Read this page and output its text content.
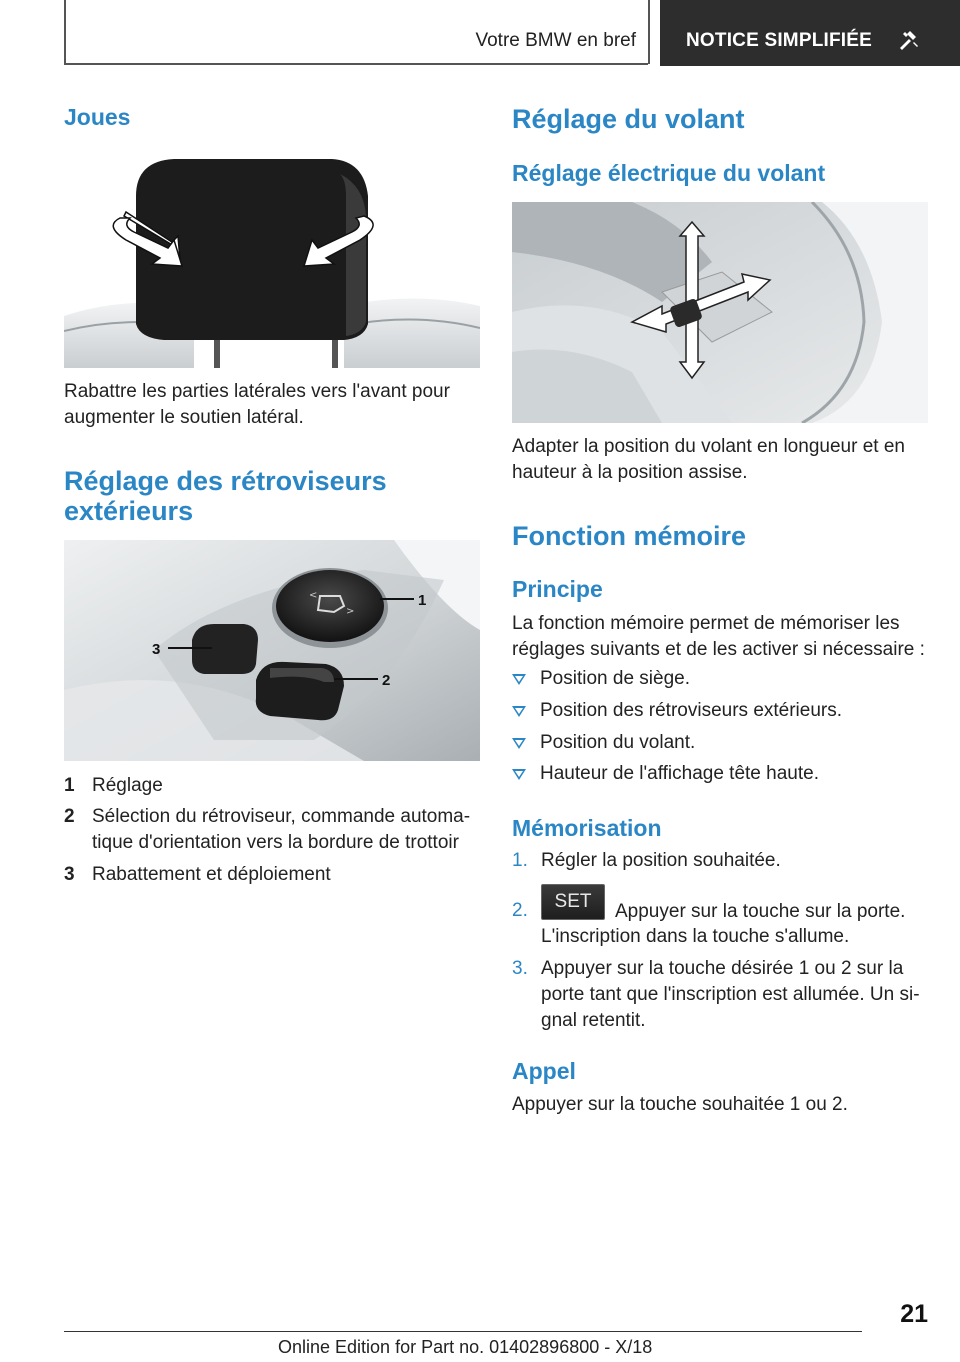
Votre BMW en bref	NOTICE SIMPLIFIÉE
Joues

Rabattre les parties latérales vers l'avant pour augmenter le soutien latéral.

Réglage des rétroviseurs
extérieurs
<
>
3
2
1
1 Réglage
2 Sélection du rétroviseur, commande automa-tique d'orientation vers la bordure de trottoir
3 Rabattement et déploiement
Réglage du volant
Réglage électrique du volant

Adapter la position du volant en longueur et en hauteur à la position assise.

Fonction mémoire
Principe

La fonction mémoire permet de mémoriser les réglages suivants et de les activer si nécessaire :

Position de siège.
Position des rétroviseurs extérieurs.
Position du volant.
Hauteur de l'affichage tête haute.
Mémorisation
1. Régler la position souhaitée.
2.	SET Appuyer sur la touche sur la porte.
L'inscription dans la touche s'allume.
3. Appuyer sur la touche désirée 1 ou 2 sur la porte tant que l'inscription est allumée. Un si-gnal retentit.
Appel

Appuyer sur la touche souhaitée 1 ou 2.

21
Online Edition for Part no. 01402896800 - X/18
